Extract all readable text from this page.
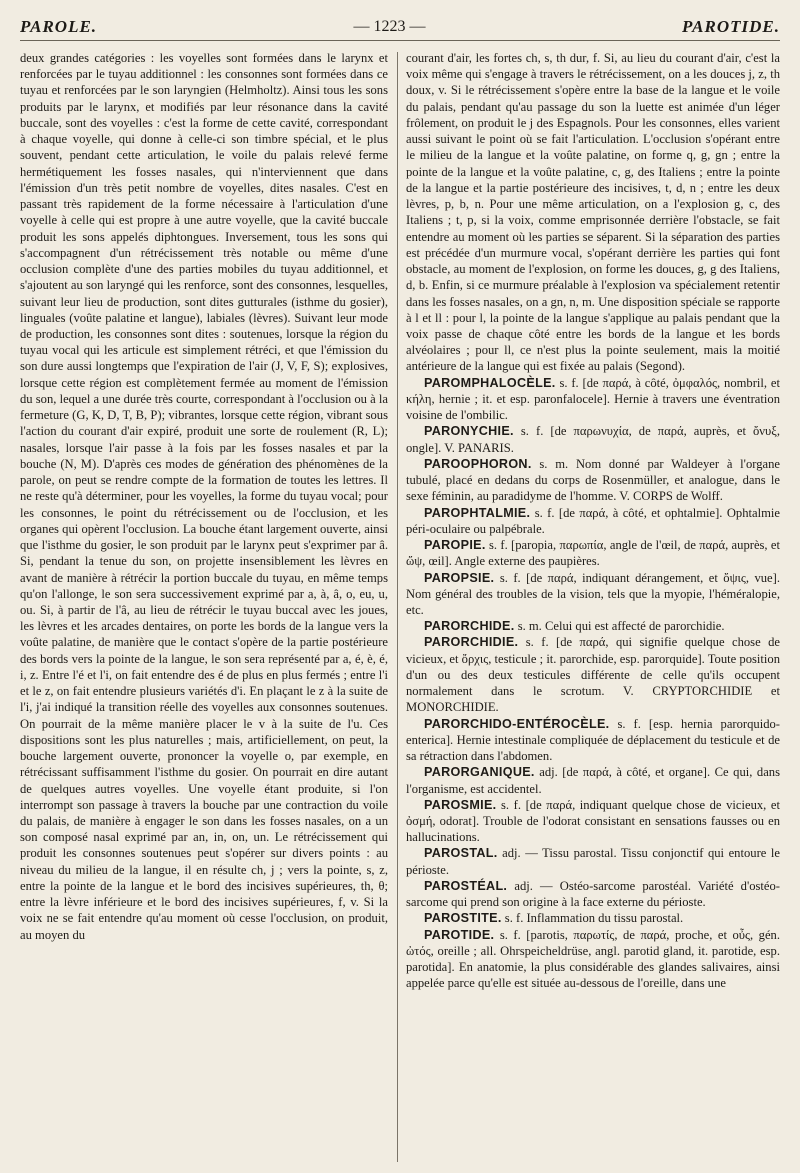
PAROLE.	— 1223 —	PAROTIDE.

deux grandes catégories : les voyelles sont formées dans le larynx et renforcées par le tuyau additionnel : les consonnes sont formées dans ce tuyau et renforcées par le son laryngien (Helmholtz). Ainsi tous les sons produits par le larynx, et modifiés par leur résonance dans la cavité buccale, sont des voyelles : c'est la forme de cette cavité, correspondant à chaque voyelle, qui donne à celle-ci son timbre spécial, et le plus souvent, pendant cette articulation, le voile du palais relevé ferme hermétiquement les fosses nasales, qui n'interviennent que dans l'émission d'un très petit nombre de voyelles, dites nasales. C'est en passant très rapidement de la forme nécessaire à l'articulation d'une voyelle à celle qui est propre à une autre voyelle, que la cavité buccale produit les sons appelés diphtongues. Inversement, tous les sons qui s'accompagnent d'un rétrécissement très notable ou même d'une occlusion complète d'une des parties mobiles du tuyau additionnel, et s'ajoutent au son laryngé qui les renforce, sont des consonnes, lesquelles, suivant leur lieu de production, sont dites gutturales (isthme du gosier), linguales (voûte palatine et langue), labiales (lèvres). Suivant leur mode de production, les consonnes sont dites : soutenues, lorsque la région du tuyau vocal qui les articule est simplement rétréci, et que l'émission du son dure aussi longtemps que l'expiration de l'air (J, V, F, S); explosives, lorsque cette région est complètement fermée au moment de l'émission du son, lequel a une durée très courte, correspondant à l'occlusion ou à la fermeture (G, K, D, T, B, P); vibrantes, lorsque cette région, vibrant sous l'action du courant d'air expiré, produit une sorte de roulement (R, L); nasales, lorsque l'air passe à la fois par les fosses nasales et par la bouche (N, M). D'après ces modes de génération des phénomènes de la parole, on peut se rendre compte de la formation de toutes les lettres. Il ne reste qu'à déterminer, pour les voyelles, la forme du tuyau vocal; pour les consonnes, le point du rétrécissement ou de l'occlusion, et les organes qui opèrent l'occlusion. La bouche étant largement ouverte, ainsi que l'isthme du gosier, le son produit par le larynx peut s'exprimer par â. Si, pendant la tenue du son, on projette insensiblement les lèvres en avant de manière à rétrécir la portion buccale du tuyau, en même temps qu'on l'allonge, le son sera successivement exprimé par a, à, â, o, eu, u, ou. Si, à partir de l'â, au lieu de rétrécir le tuyau buccal avec les joues, les lèvres et les arcades dentaires, on porte les bords de la langue vers la voûte palatine, de manière que le contact s'opère de la partie postérieure des bords vers la pointe de la langue, le son sera représenté par a, é, è, é, i, z. Entre l'é et l'i, on fait entendre des é de plus en plus fermés ; entre l'i et le z, on fait entendre plusieurs variétés d'i. En plaçant le z à la suite de l'i, j'ai indiqué la transition réelle des voyelles aux consonnes soutenues. On pourrait de la même manière placer le v à la suite de l'u. Ces dispositions sont les plus naturelles ; mais, artificiellement, on peut, la bouche largement ouverte, prononcer la voyelle o, par exemple, en rétrécissant suffisamment l'isthme du gosier. On pourrait en dire autant de quelques autres voyelles. Une voyelle étant produite, si l'on interrompt son passage à travers la bouche par une contraction du voile du palais, de manière à engager le son dans les fosses nasales, on a un son composé nasal exprimé par an, in, on, un. Le rétrécissement qui produit les consonnes soutenues peut s'opérer sur divers points : au niveau du milieu de la langue, il en résulte ch, j ; vers la pointe, s, z, entre la pointe de la langue et le bord des incisives supérieures, th, θ; entre la lèvre inférieure et le bord des incisives supérieures, f, v. Si la voix ne se fait entendre qu'au moment où cesse l'occlusion, on produit, au moyen du

courant d'air, les fortes ch, s, th dur, f. Si, au lieu du courant d'air, c'est la voix même qui s'engage à travers le rétrécissement, on a les douces j, z, th doux, v. Si le rétrécissement s'opère entre la base de la langue et le voile du palais, pendant qu'au passage du son la luette est animée d'un léger frôlement, on produit le j des Espagnols. Pour les consonnes, elles varient aussi suivant le point où se fait l'articulation. L'occlusion s'opérant entre le milieu de la langue et la voûte palatine, on forme q, g, gn ; entre la pointe de la langue et la voûte palatine, c, g, des Italiens ; entre la pointe de la langue et la partie postérieure des incisives, t, d, n ; entre les deux lèvres, p, b, n. Pour une même articulation, on a l'explosion g, c, des Italiens ; t, p, si la voix, comme emprisonnée derrière l'obstacle, se fait entendre au moment où les parties se séparent. Si la séparation des parties est précédée d'un murmure vocal, s'opérant derrière les parties qui font obstacle, au moment de l'explosion, on forme les douces, g, g des Italiens, d, b. Enfin, si ce murmure préalable à l'explosion va spécialement retentir dans les fosses nasales, on a gn, n, m. Une disposition spéciale se rapporte à l et ll : pour l, la pointe de la langue s'applique au palais pendant que la voix passe de chaque côté entre les bords de la langue et les bords alvéolaires ; pour ll, ce n'est plus la pointe seulement, mais la moitié antérieure de la langue qui est fixée au palais (Segond).

PAROMPHALOCÈLE. s. f. [de παρά, à côté, ὀμφαλός, nombril, et κήλη, hernie ; it. et esp. paronfalocele]. Hernie à travers une éventration voisine de l'ombilic.

PARONYCHIE. s. f. [de παρωνυχία, de παρά, auprès, et ὄνυξ, ongle]. V. PANARIS.

PAROOPHORON. s. m. Nom donné par Waldeyer à l'organe tubulé, placé en dedans du corps de Rosenmüller, et analogue, dans le sexe féminin, au paradidyme de l'homme. V. CORPS de Wolff.

PAROPHTALMIE. s. f. [de παρά, à côté, et ophtalmie]. Ophtalmie péri-oculaire ou palpébrale.

PAROPIE. s. f. [paropia, παρωπία, angle de l'œil, de παρά, auprès, et ὤψ, œil]. Angle externe des paupières.

PAROPSIE. s. f. [de παρά, indiquant dérangement, et ὄψις, vue]. Nom général des troubles de la vision, tels que la myopie, l'héméralopie, etc.

PARORCHIDE. s. m. Celui qui est affecté de parorchidie.

PARORCHIDIE. s. f. [de παρά, qui signifie quelque chose de vicieux, et ὄρχις, testicule ; it. parorchide, esp. parorquide]. Toute position d'un ou des deux testicules différente de celle qu'ils occupent normalement dans le scrotum. V. CRYPTORCHIDIE et MONORCHIDIE.

PARORCHIDO-ENTÉROCÈLE. s. f. [esp. hernia parorquido-enterica]. Hernie intestinale compliquée de déplacement du testicule et de sa rétraction dans l'abdomen.

PARORGANIQUE. adj. [de παρά, à côté, et organe]. Ce qui, dans l'organisme, est accidentel.

PAROSMIE. s. f. [de παρά, indiquant quelque chose de vicieux, et ὀσμή, odorat]. Trouble de l'odorat consistant en sensations fausses ou en hallucinations.

PAROSTAL. adj. — Tissu parostal. Tissu conjonctif qui entoure le périoste.

PAROSTÉAL. adj. — Ostéo-sarcome parostéal. Variété d'ostéo-sarcome qui prend son origine à la face externe du périoste.

PAROSTITE. s. f. Inflammation du tissu parostal.

PAROTIDE. s. f. [parotis, παρωτίς, de παρά, proche, et οὖς, gén. ὠτός, oreille ; all. Ohrspeicheldrüse, angl. parotid gland, it. parotide, esp. parotida]. En anatomie, la plus considérable des glandes salivaires, ainsi appelée parce qu'elle est située au-dessous de l'oreille, dans une
